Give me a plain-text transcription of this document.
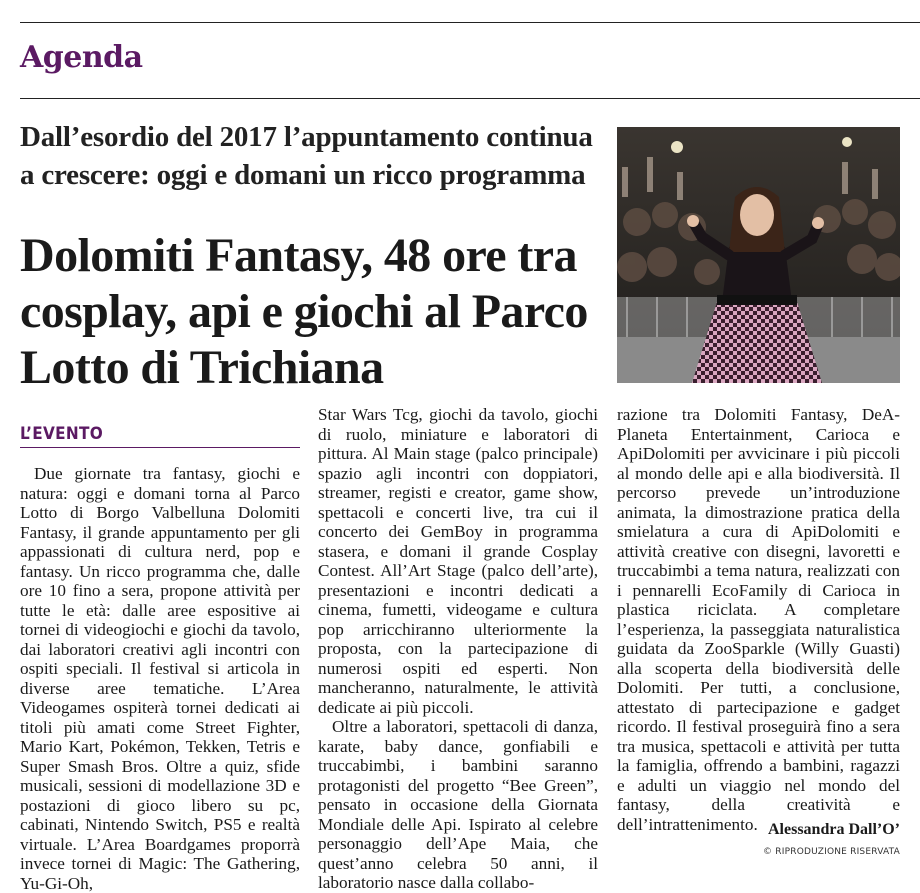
Agenda
Dall’esordio del 2017 l’appuntamento continua a crescere: oggi e domani un ricco programma
Dolomiti Fantasy, 48 ore tra cosplay, api e giochi al Parco Lotto di Trichiana
L’EVENTO

Due giornate tra fantasy, giochi e natura: oggi e domani torna al Parco Lotto di Borgo Valbelluna Dolomiti Fantasy, il grande appuntamento per gli appassionati di cultura nerd, pop e fantasy. Un ricco programma che, dalle ore 10 fino a sera, propone attività per tutte le età: dalle aree espositive ai tornei di videogiochi e giochi da tavolo, dai laboratori creativi agli incontri con ospiti speciali. Il festival si articola in diverse aree tematiche. L’Area Videogames ospiterà tornei dedicati ai titoli più amati come Street Fighter, Mario Kart, Pokémon, Tekken, Tetris e Super Smash Bros. Oltre a quiz, sfide musicali, sessioni di modellazione 3D e postazioni di gioco libero su pc, cabinati, Nintendo Switch, PS5 e realtà virtuale. L’Area Boardgames proporrà invece tornei di Magic: The Gathering, Yu-Gi-Oh,

Star Wars Tcg, giochi da tavolo, giochi di ruolo, miniature e laboratori di pittura. Al Main stage (palco principale) spazio agli incontri con doppiatori, streamer, registi e creator, game show, spettacoli e concerti live, tra cui il concerto dei GemBoy in programma stasera, e domani il grande Cosplay Contest. All’Art Stage (palco dell’arte), presentazioni e incontri dedicati a cinema, fumetti, videogame e cultura pop arricchiranno ulteriormente la proposta, con la partecipazione di numerosi ospiti ed esperti. Non mancheranno, naturalmente, le attività dedicate ai più piccoli.

Oltre a laboratori, spettacoli di danza, karate, baby dance, gonfiabili e truccabimbi, i bambini saranno protagonisti del progetto “Bee Green”, pensato in occasione della Giornata Mondiale delle Api. Ispirato al celebre personaggio dell’Ape Maia, che quest’anno celebra 50 anni, il laboratorio nasce dalla collabo-

razione tra Dolomiti Fantasy, DeA-Planeta Entertainment, Carioca e ApiDolomiti per avvicinare i più piccoli al mondo delle api e alla biodiversità. Il percorso prevede un’introduzione animata, la dimostrazione pratica della smielatura a cura di ApiDolomiti e attività creative con disegni, lavoretti e truccabimbi a tema natura, realizzati con i pennarelli EcoFamily di Carioca in plastica riciclata. A completare l’esperienza, la passeggiata naturalistica guidata da ZooSparkle (Willy Guasti) alla scoperta della biodiversità delle Dolomiti. Per tutti, a conclusione, attestato di partecipazione e gadget ricordo. Il festival proseguirà fino a sera tra musica, spettacoli e attività per tutta la famiglia, offrendo a bambini, ragazzi e adulti un viaggio nel mondo del fantasy, della creatività e dell’intrattenimento. Alessandra Dall’O’
© RIPRODUZIONE RISERVATA
